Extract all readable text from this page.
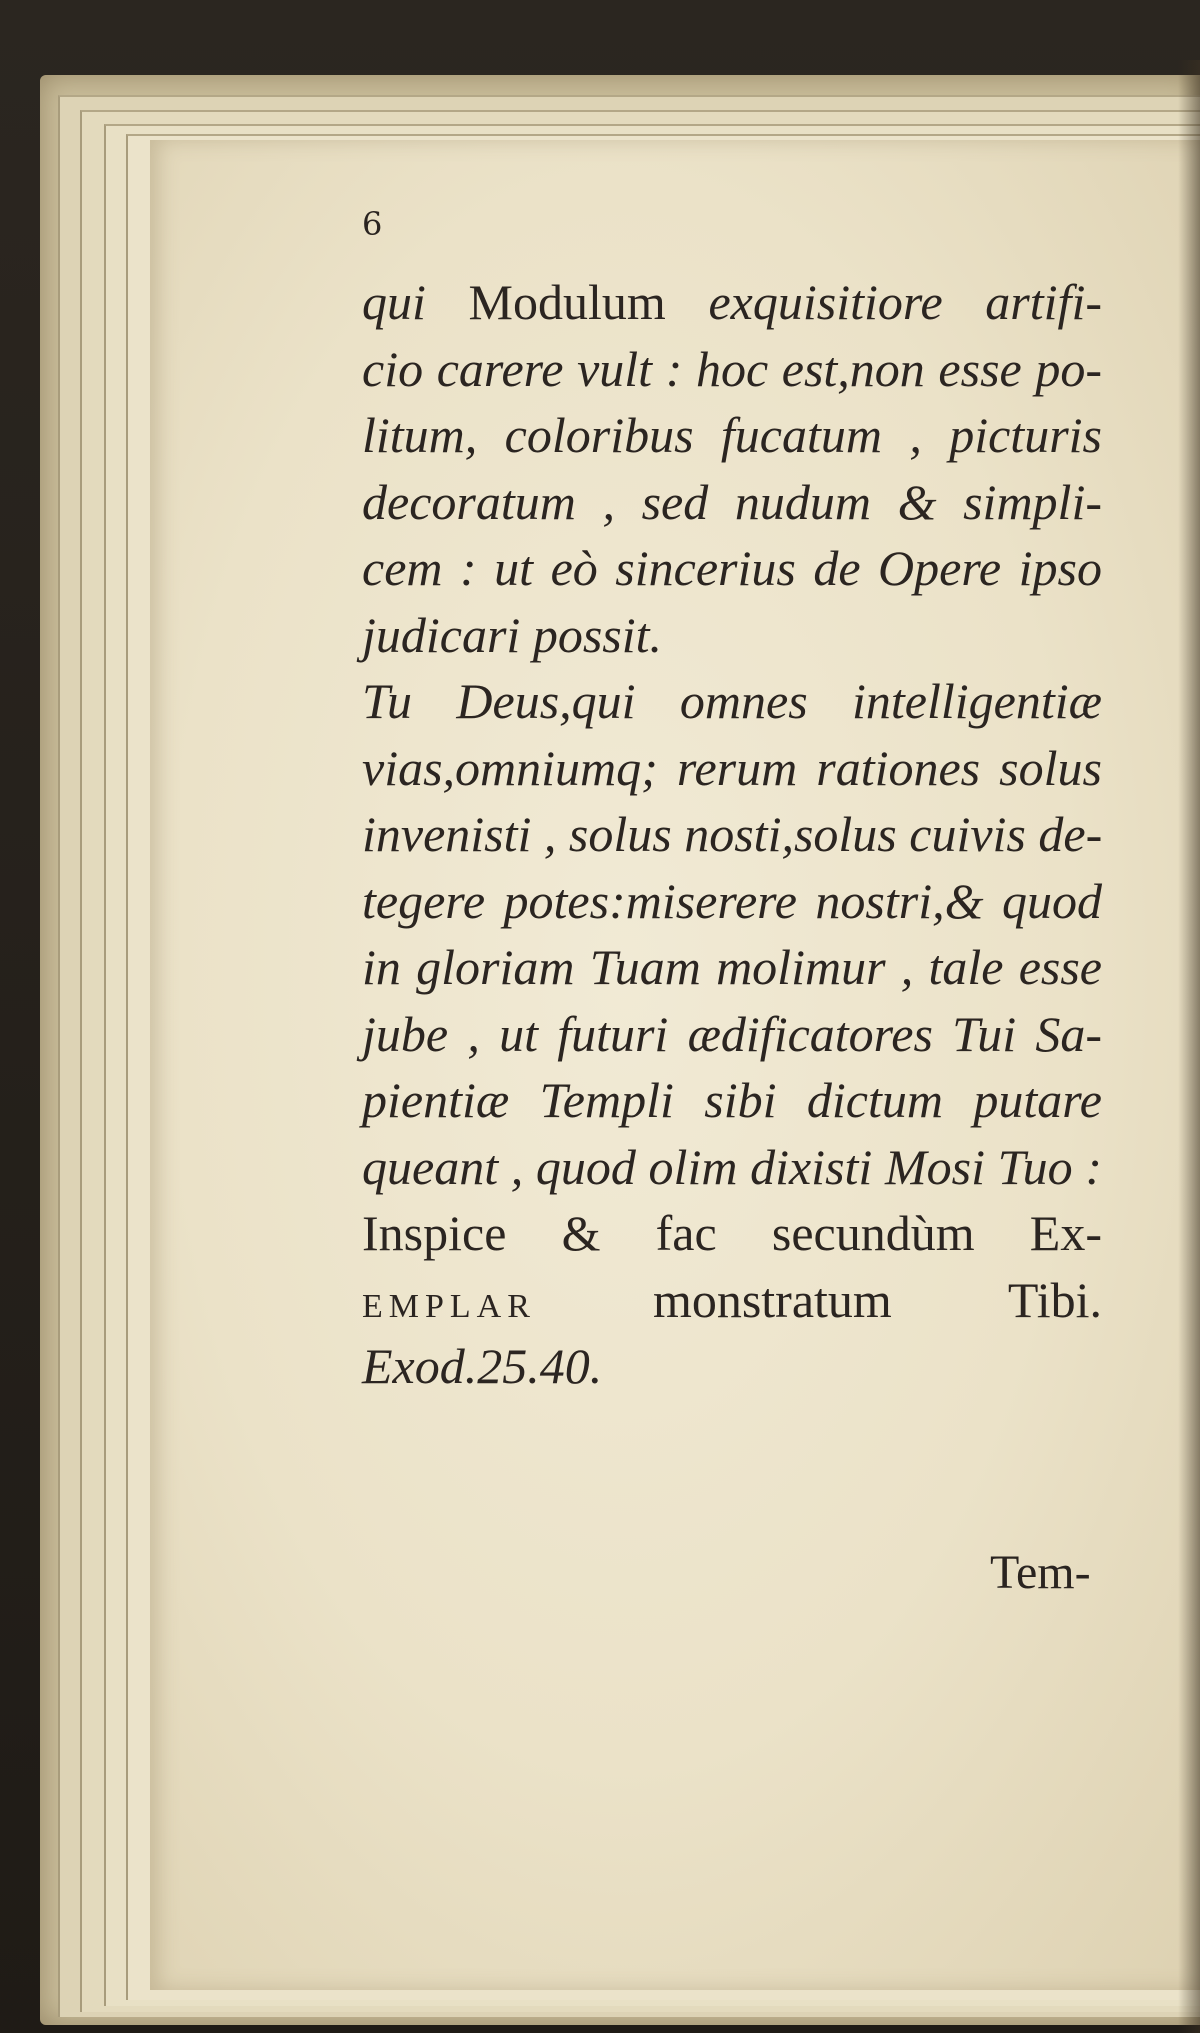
6

qui Modulum exquisitiore artifi-

cio carere vult : hoc est,non esse po-

litum, coloribus fucatum , picturis

decoratum , sed nudum & simpli-

cem : ut eò sincerius de Opere ipso

judicari possit.

Tu Deus,qui omnes intelligentiæ

vias,omniumq; rerum rationes solus

invenisti , solus nosti,solus cuivis de-

tegere potes:miserere nostri,& quod

in gloriam Tuam molimur , tale esse

jube , ut futuri ædificatores Tui Sa-

pientiæ Templi sibi dictum putare

queant , quod olim dixisti Mosi Tuo :

Inspice & fac secundùm Ex-

EMPLAR monstratum Tibi.

Exod.25.40.

Tem-
